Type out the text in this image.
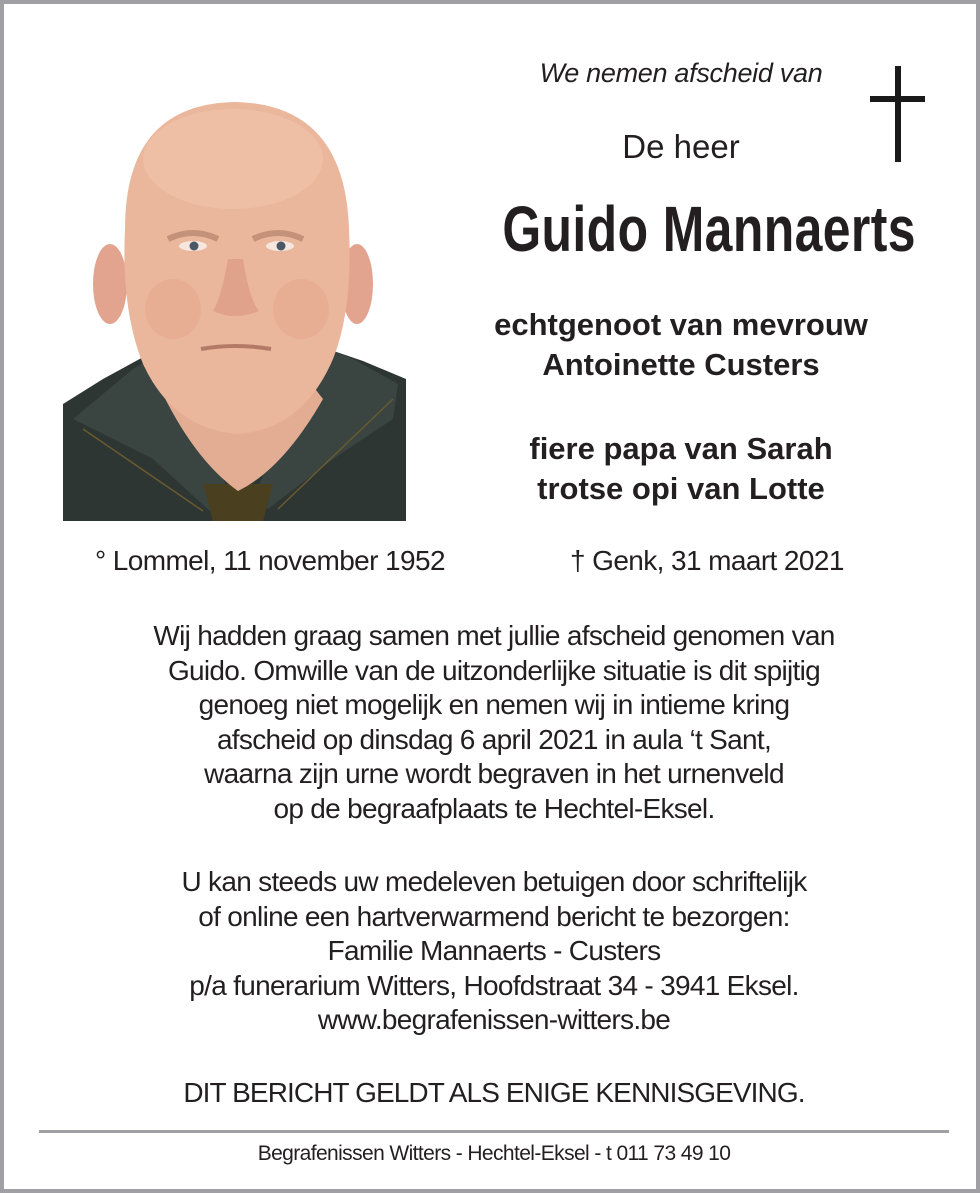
We nemen afscheid van
De heer
Guido Mannaerts
echtgenoot van mevrouw
Antoinette Custers
fiere papa van Sarah
trotse opi van Lotte
° Lommel, 11 november 1952	† Genk, 31 maart 2021
Wij hadden graag samen met jullie afscheid genomen van
Guido. Omwille van de uitzonderlijke situatie is dit spijtig
genoeg niet mogelijk en nemen wij in intieme kring
afscheid op dinsdag 6 april 2021 in aula ‘t Sant,
waarna zijn urne wordt begraven in het urnenveld
op de begraafplaats te Hechtel-Eksel.
U kan steeds uw medeleven betuigen door schriftelijk
of online een hartverwarmend bericht te bezorgen:
Familie Mannaerts - Custers
p/a funerarium Witters, Hoofdstraat 34 - 3941 Eksel.
www.begrafenissen-witters.be
DIT BERICHT GELDT ALS ENIGE KENNISGEVING.
Begrafenissen Witters - Hechtel-Eksel - t 011 73 49 10
